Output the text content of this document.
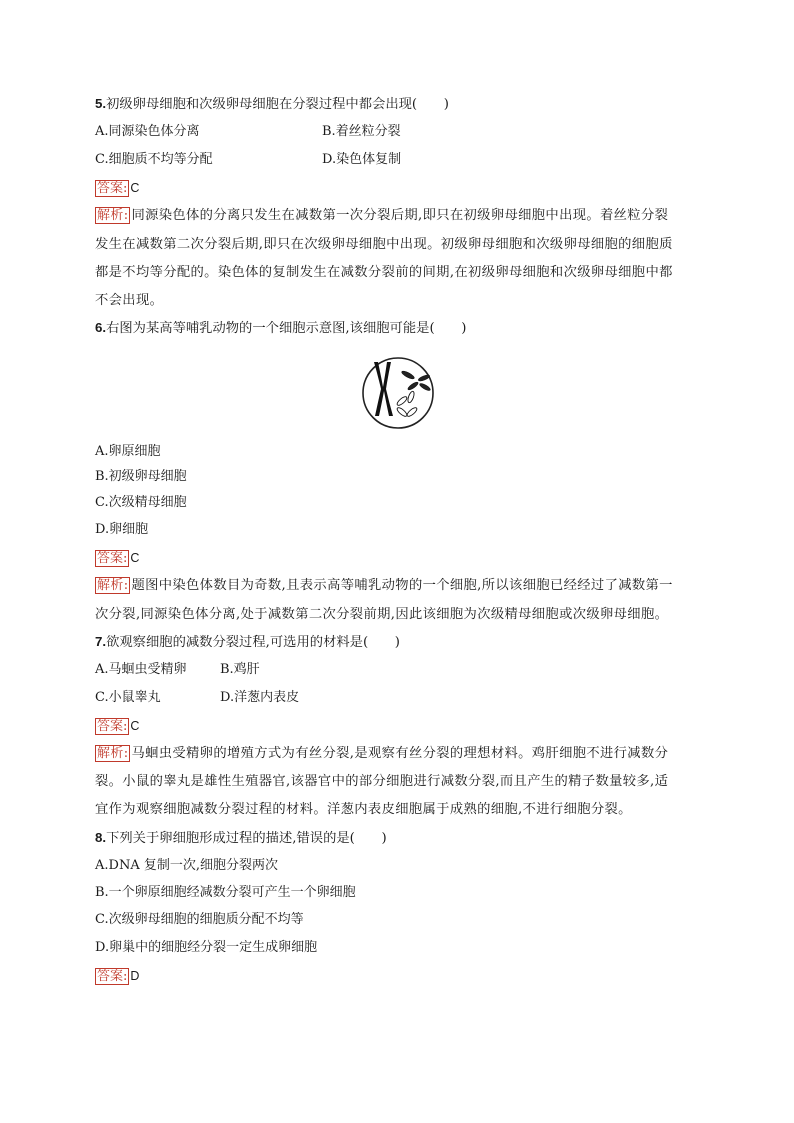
5.初级卵母细胞和次级卵母细胞在分裂过程中都会出现(　　)
A.同源染色体分离	B.着丝粒分裂
C.细胞质不均等分配	D.染色体复制
答案: C
解析: 同源染色体的分离只发生在减数第一次分裂后期,即只在初级卵母细胞中出现。着丝粒分裂
发生在减数第二次分裂后期,即只在次级卵母细胞中出现。初级卵母细胞和次级卵母细胞的细胞质
都是不均等分配的。染色体的复制发生在减数分裂前的间期,在初级卵母细胞和次级卵母细胞中都
不会出现。
6.右图为某高等哺乳动物的一个细胞示意图,该细胞可能是(　　)
A.卵原细胞
B.初级卵母细胞
C.次级精母细胞
D.卵细胞
答案: C
解析: 题图中染色体数目为奇数,且表示高等哺乳动物的一个细胞,所以该细胞已经经过了减数第一
次分裂,同源染色体分离,处于减数第二次分裂前期,因此该细胞为次级精母细胞或次级卵母细胞。
7.欲观察细胞的减数分裂过程,可选用的材料是(　　)
A.马蛔虫受精卵	B.鸡肝
C.小鼠睾丸	D.洋葱内表皮
答案: C
解析: 马蛔虫受精卵的增殖方式为有丝分裂,是观察有丝分裂的理想材料。鸡肝细胞不进行减数分
裂。小鼠的睾丸是雄性生殖器官,该器官中的部分细胞进行减数分裂,而且产生的精子数量较多,适
宜作为观察细胞减数分裂过程的材料。洋葱内表皮细胞属于成熟的细胞,不进行细胞分裂。
8.下列关于卵细胞形成过程的描述,错误的是(　　)
A.DNA 复制一次,细胞分裂两次
B.一个卵原细胞经减数分裂可产生一个卵细胞
C.次级卵母细胞的细胞质分配不均等
D.卵巢中的细胞经分裂一定生成卵细胞
答案: D
